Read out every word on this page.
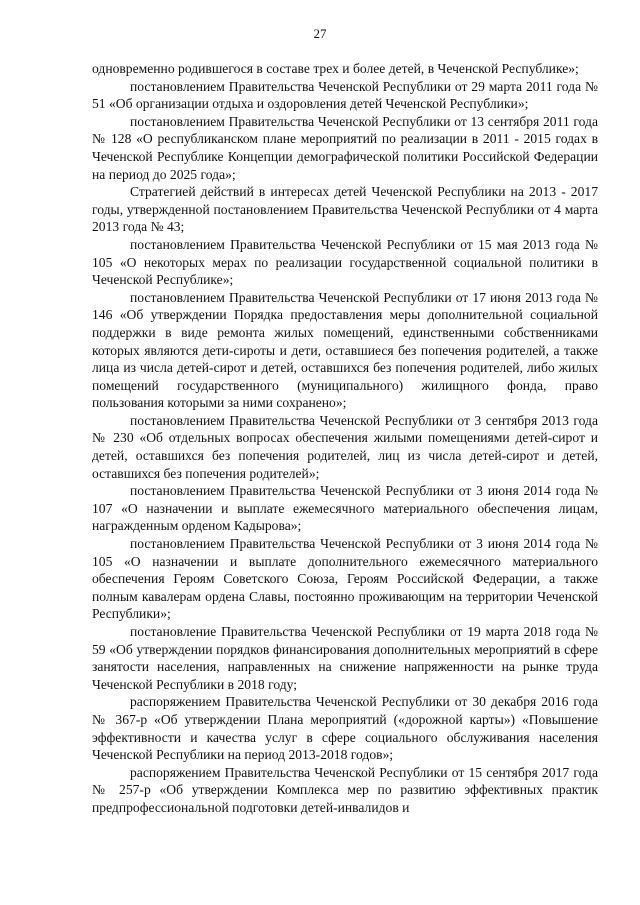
27

одновременно родившегося в составе трех и более детей, в Чеченской Республике»;

постановлением Правительства Чеченской Республики от 29 марта 2011 года № 51 «Об организации отдыха и оздоровления детей Чеченской Республики»;

постановлением Правительства Чеченской Республики от 13 сентября 2011 года № 128 «О республиканском плане мероприятий по реализации в 2011 - 2015 годах в Чеченской Республике Концепции демографической политики Российской Федерации на период до 2025 года»;

Стратегией действий в интересах детей Чеченской Республики на 2013 - 2017 годы, утвержденной постановлением Правительства Чеченской Республики от 4 марта 2013 года № 43;

постановлением Правительства Чеченской Республики от 15 мая 2013 года № 105 «О некоторых мерах по реализации государственной социальной политики в Чеченской Республике»;

постановлением Правительства Чеченской Республики от 17 июня 2013 года № 146 «Об утверждении Порядка предоставления меры дополнительной социальной поддержки в виде ремонта жилых помещений, единственными собственниками которых являются дети-сироты и дети, оставшиеся без попечения родителей, а также лица из числа детей-сирот и детей, оставшихся без попечения родителей, либо жилых помещений государственного (муниципального) жилищного фонда, право пользования которыми за ними сохранено»;

постановлением Правительства Чеченской Республики от 3 сентября 2013 года № 230 «Об отдельных вопросах обеспечения жилыми помещениями детей-сирот и детей, оставшихся без попечения родителей, лиц из числа детей-сирот и детей, оставшихся без попечения родителей»;

постановлением Правительства Чеченской Республики от 3 июня 2014 года № 107 «О назначении и выплате ежемесячного материального обеспечения лицам, награжденным орденом Кадырова»;

постановлением Правительства Чеченской Республики от 3 июня 2014 года № 105 «О назначении и выплате дополнительного ежемесячного материального обеспечения Героям Советского Союза, Героям Российской Федерации, а также полным кавалерам ордена Славы, постоянно проживающим на территории Чеченской Республики»;

постановление Правительства Чеченской Республики от 19 марта 2018 года № 59 «Об утверждении порядков финансирования дополнительных мероприятий в сфере занятости населения, направленных на снижение напряженности на рынке труда Чеченской Республики в 2018 году;

распоряжением Правительства Чеченской Республики от 30 декабря 2016 года № 367-р «Об утверждении Плана мероприятий («дорожной карты») «Повышение эффективности и качества услуг в сфере социального обслуживания населения Чеченской Республики на период 2013-2018 годов»;

распоряжением Правительства Чеченской Республики от 15 сентября 2017 года № 257-р «Об утверждении Комплекса мер по развитию эффективных практик предпрофессиональной подготовки детей-инвалидов и
